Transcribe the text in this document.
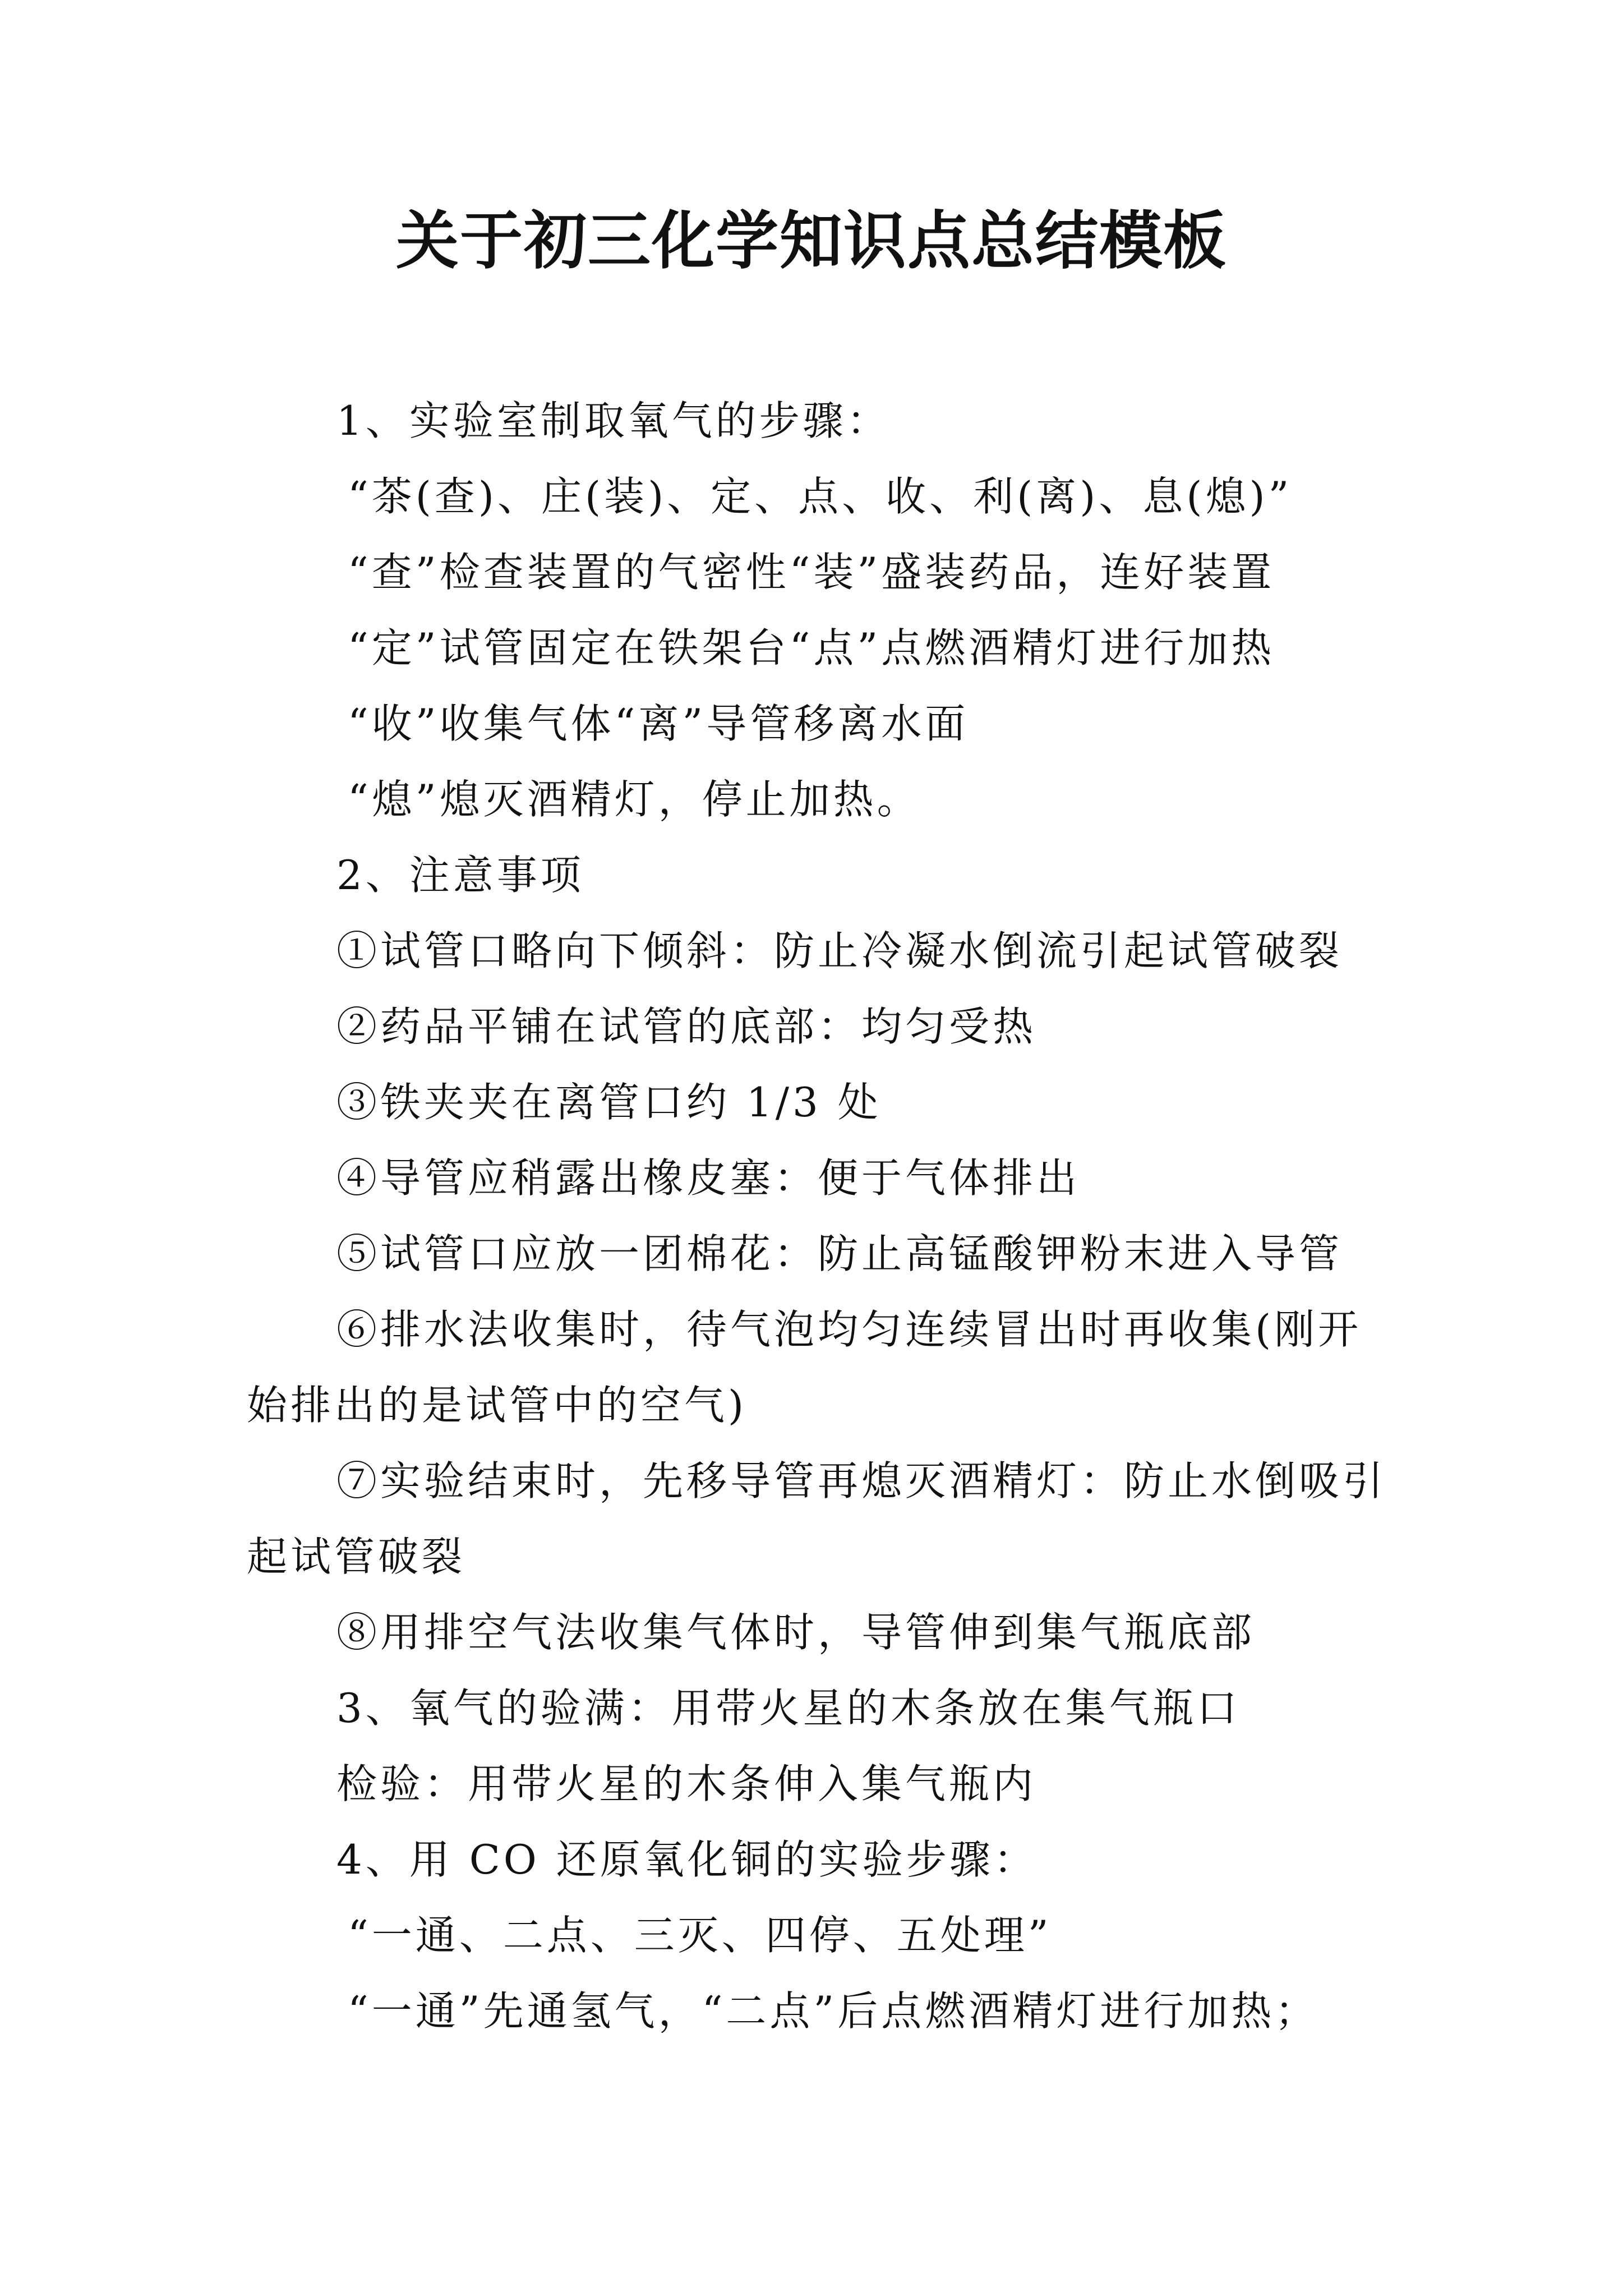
关于初三化学知识点总结模板
1、实验室制取氧气的步骤：
“茶(查)、庄(装)、定、点、收、利(离)、息(熄)”
“查”检查装置的气密性“装”盛装药品，连好装置
“定”试管固定在铁架台“点”点燃酒精灯进行加热
“收”收集气体“离”导管移离水面
“熄”熄灭酒精灯，停止加热。
2、注意事项
①试管口略向下倾斜：防止冷凝水倒流引起试管破裂
②药品平铺在试管的底部：均匀受热
③铁夹夹在离管口约 1/3 处
④导管应稍露出橡皮塞：便于气体排出
⑤试管口应放一团棉花：防止高锰酸钾粉末进入导管
⑥排水法收集时，待气泡均匀连续冒出时再收集(刚开
始排出的是试管中的空气)
⑦实验结束时，先移导管再熄灭酒精灯：防止水倒吸引
起试管破裂
⑧用排空气法收集气体时，导管伸到集气瓶底部
3、氧气的验满：用带火星的木条放在集气瓶口
检验：用带火星的木条伸入集气瓶内
4、用 CO 还原氧化铜的实验步骤：
“一通、二点、三灭、四停、五处理”
“一通”先通氢气，“二点”后点燃酒精灯进行加热；
